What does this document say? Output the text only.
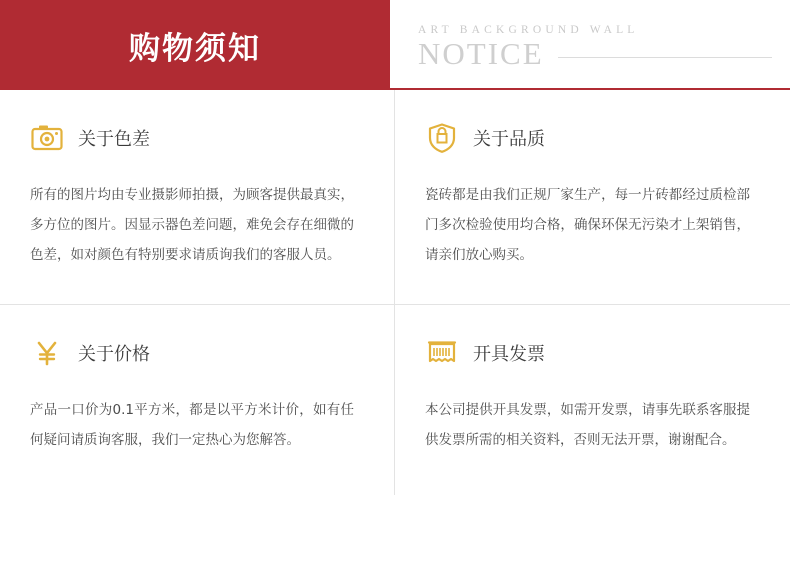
购物须知
ART BACKGROUND WALL
NOTICE
关于色差
所有的图片均由专业摄影师拍摄，为顾客提供最真实，多方位的图片。因显示器色差问题，难免会存在细微的色差，如对颜色有特别要求请质询我们的客服人员。
关于品质
瓷砖都是由我们正规厂家生产，每一片砖都经过质检部门多次检验使用均合格，确保环保无污染才上架销售，请亲们放心购买。
关于价格
产品一口价为0.1平方米，都是以平方米计价，如有任何疑问请质询客服，我们一定热心为您解答。
开具发票
本公司提供开具发票，如需开发票，请事先联系客服提供发票所需的相关资料，否则无法开票，谢谢配合。
